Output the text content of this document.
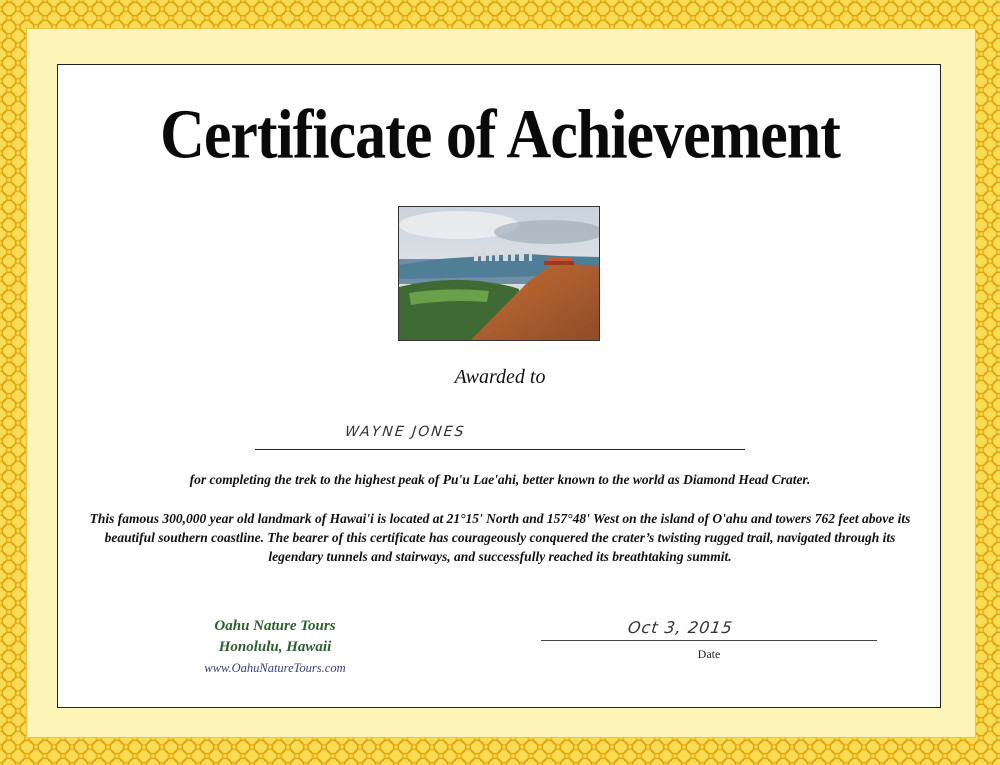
Certificate of Achievement
Awarded to
WAYNE JONES
for completing the trek to the highest peak of Pu'u Lae'ahi, better known to the world as Diamond Head Crater.
This famous 300,000 year old landmark of Hawai'i is located at 21°15' North and 157°48' West on the island of O'ahu and towers 762 feet above its beautiful southern coastline. The bearer of this certificate has courageously conquered the crater’s twisting rugged trail, navigated through its legendary tunnels and stairways, and successfully reached its breathtaking summit.
Oahu Nature Tours
Honolulu, Hawaii
www.OahuNatureTours.com
Oct 3, 2015
Date
